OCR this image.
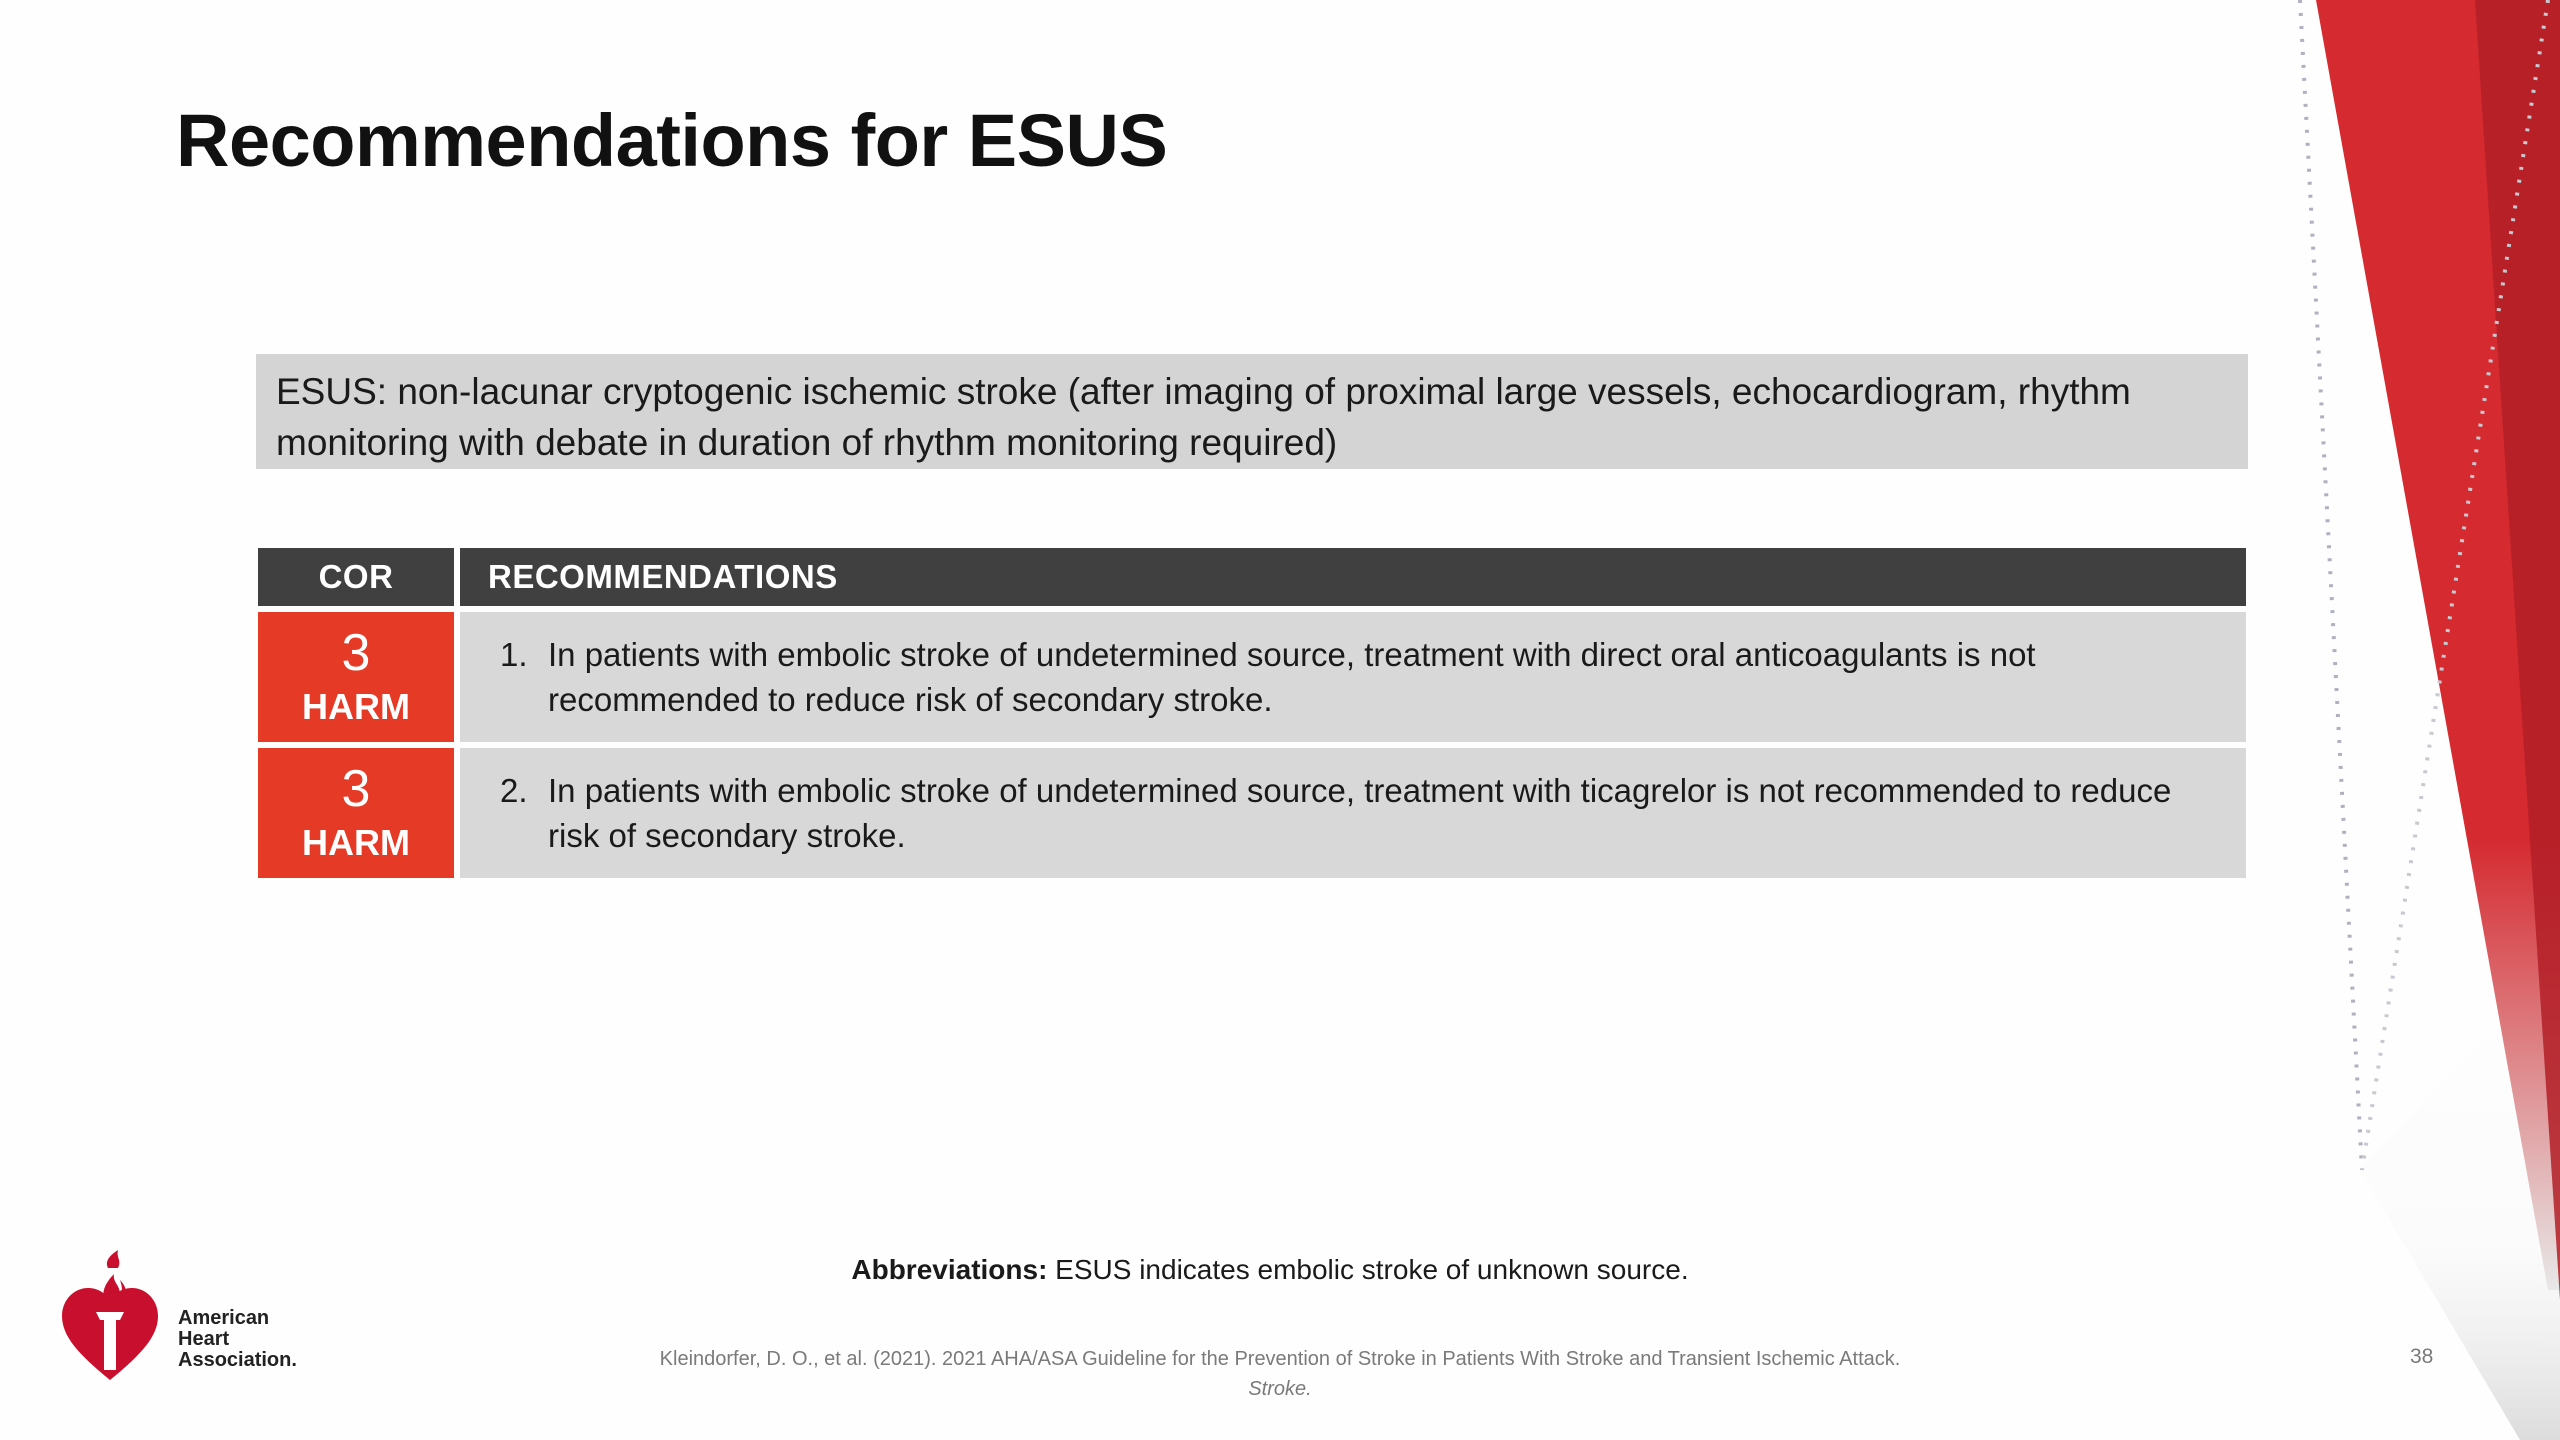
Recommendations for ESUS
ESUS: non-lacunar cryptogenic ischemic stroke (after imaging of proximal large vessels, echocardiogram, rhythm monitoring with debate in duration of rhythm monitoring required)
COR	RECOMMENDATIONS
3
HARM
1. In patients with embolic stroke of undetermined source, treatment with direct oral anticoagulants is not recommended to reduce risk of secondary stroke.
3
HARM
2. In patients with embolic stroke of undetermined source, treatment with ticagrelor is not recommended to reduce risk of secondary stroke.
Abbreviations: ESUS indicates embolic stroke of unknown source.
Kleindorfer, D. O., et al. (2021). 2021 AHA/ASA Guideline for the Prevention of Stroke in Patients With Stroke and Transient Ischemic Attack.
Stroke.
38
American
Heart
Association.
